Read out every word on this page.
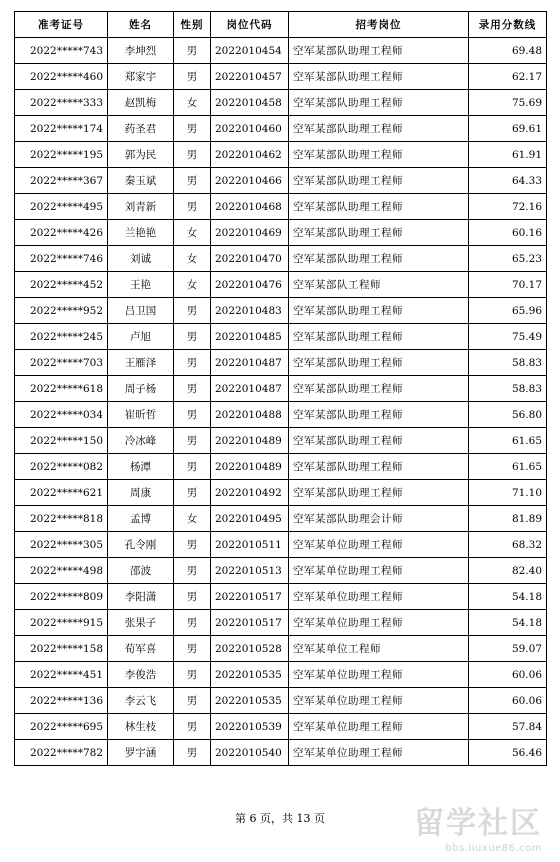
准考证号	姓名	性别	岗位代码	招考岗位	录用分数线
2022*****743	李坤烈	男	2022010454	空军某部队助理工程师	69.48
2022*****460	郑家宇	男	2022010457	空军某部队助理工程师	62.17
2022*****333	赵凯梅	女	2022010458	空军某部队助理工程师	75.69
2022*****174	药圣君	男	2022010460	空军某部队助理工程师	69.61
2022*****195	郭为民	男	2022010462	空军某部队助理工程师	61.91
2022*****367	秦玉斌	男	2022010466	空军某部队助理工程师	64.33
2022*****495	刘青新	男	2022010468	空军某部队助理工程师	72.16
2022*****426	兰艳艳	女	2022010469	空军某部队助理工程师	60.16
2022*****746	刘诚	女	2022010470	空军某部队助理工程师	65.23
2022*****452	王艳	女	2022010476	空军某部队工程师	70.17
2022*****952	吕卫国	男	2022010483	空军某部队助理工程师	65.96
2022*****245	卢旭	男	2022010485	空军某部队助理工程师	75.49
2022*****703	王雁泽	男	2022010487	空军某部队助理工程师	58.83
2022*****618	周子杨	男	2022010487	空军某部队助理工程师	58.83
2022*****034	崔昕哲	男	2022010488	空军某部队助理工程师	56.80
2022*****150	冷冰峰	男	2022010489	空军某部队助理工程师	61.65
2022*****082	杨潭	男	2022010489	空军某部队助理工程师	61.65
2022*****621	周康	男	2022010492	空军某部队助理工程师	71.10
2022*****818	孟博	女	2022010495	空军某部队助理会计师	81.89
2022*****305	孔令刚	男	2022010511	空军某单位助理工程师	68.32
2022*****498	邵波	男	2022010513	空军某单位助理工程师	82.40
2022*****809	李阳潇	男	2022010517	空军某单位助理工程师	54.18
2022*****915	张果子	男	2022010517	空军某单位助理工程师	54.18
2022*****158	荀军喜	男	2022010528	空军某单位工程师	59.07
2022*****451	李俊浩	男	2022010535	空军某单位助理工程师	60.06
2022*****136	李云飞	男	2022010535	空军某单位助理工程师	60.06
2022*****695	林生枝	男	2022010539	空军某单位助理工程师	57.84
2022*****782	罗宇涵	男	2022010540	空军某单位助理工程师	56.46
第 6 页，共 13 页	留学社区
bbs.liuxue86.com
